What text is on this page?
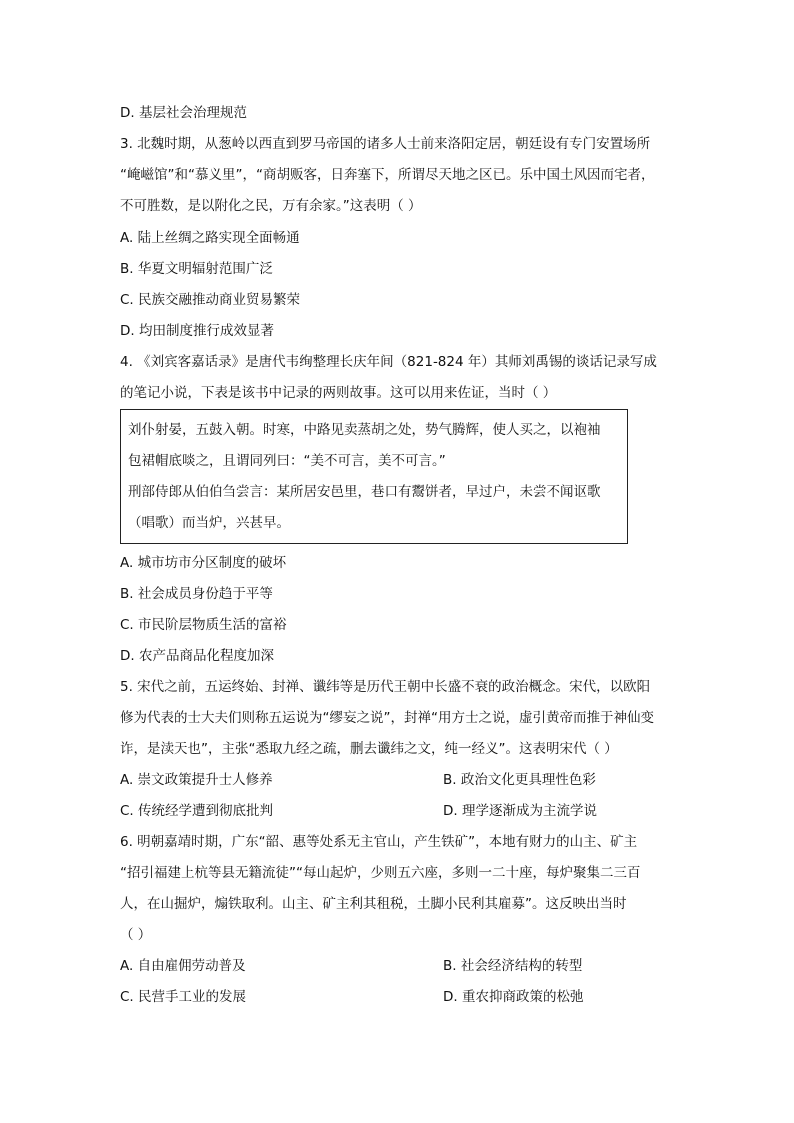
D. 基层社会治理规范
3. 北魏时期，从葱岭以西直到罗马帝国的诸多人士前来洛阳定居，朝廷设有专门安置场所
“崦嵫馆”和“慕义里”，“商胡贩客，日奔塞下，所谓尽天地之区已。乐中国土风因而宅者，
不可胜数，是以附化之民，万有余家。”这表明（ ）
A. 陆上丝绸之路实现全面畅通
B. 华夏文明辐射范围广泛
C. 民族交融推动商业贸易繁荣
D. 均田制度推行成效显著
4. 《刘宾客嘉话录》是唐代韦绚整理长庆年间（821-824 年）其师刘禹锡的谈话记录写成
的笔记小说，下表是该书中记录的两则故事。这可以用来佐证，当时（ ）
刘仆射晏，五鼓入朝。时寒，中路见卖蒸胡之处，势气腾辉，使人买之，以袍袖
包裙帽底啖之，且谓同列曰：“美不可言，美不可言。”
刑部侍郎从伯伯刍尝言：某所居安邑里，巷口有鬻饼者，早过户，未尝不闻讴歌
（唱歌）而当炉，兴甚早。
A. 城市坊市分区制度的破坏
B. 社会成员身份趋于平等
C. 市民阶层物质生活的富裕
D. 农产品商品化程度加深
5. 宋代之前，五运终始、封禅、谶纬等是历代王朝中长盛不衰的政治概念。宋代，以欧阳
修为代表的士大夫们则称五运说为“缪妄之说”，封禅“用方士之说，虚引黄帝而推于神仙变
诈，是渎天也”，主张“悉取九经之疏，删去谶纬之文，纯一经义”。这表明宋代（ ）
A. 崇文政策提升士人修养	B. 政治文化更具理性色彩
C. 传统经学遭到彻底批判	D. 理学逐渐成为主流学说
6. 明朝嘉靖时期，广东“韶、惠等处系无主官山，产生铁矿”，本地有财力的山主、矿主
“招引福建上杭等县无籍流徒”“每山起炉，少则五六座，多则一二十座，每炉聚集二三百
人，在山掘炉，煽铁取利。山主、矿主利其租税，土脚小民利其雇募”。这反映出当时
（ ）
A. 自由雇佣劳动普及	B. 社会经济结构的转型
C. 民营手工业的发展	D. 重农抑商政策的松弛
